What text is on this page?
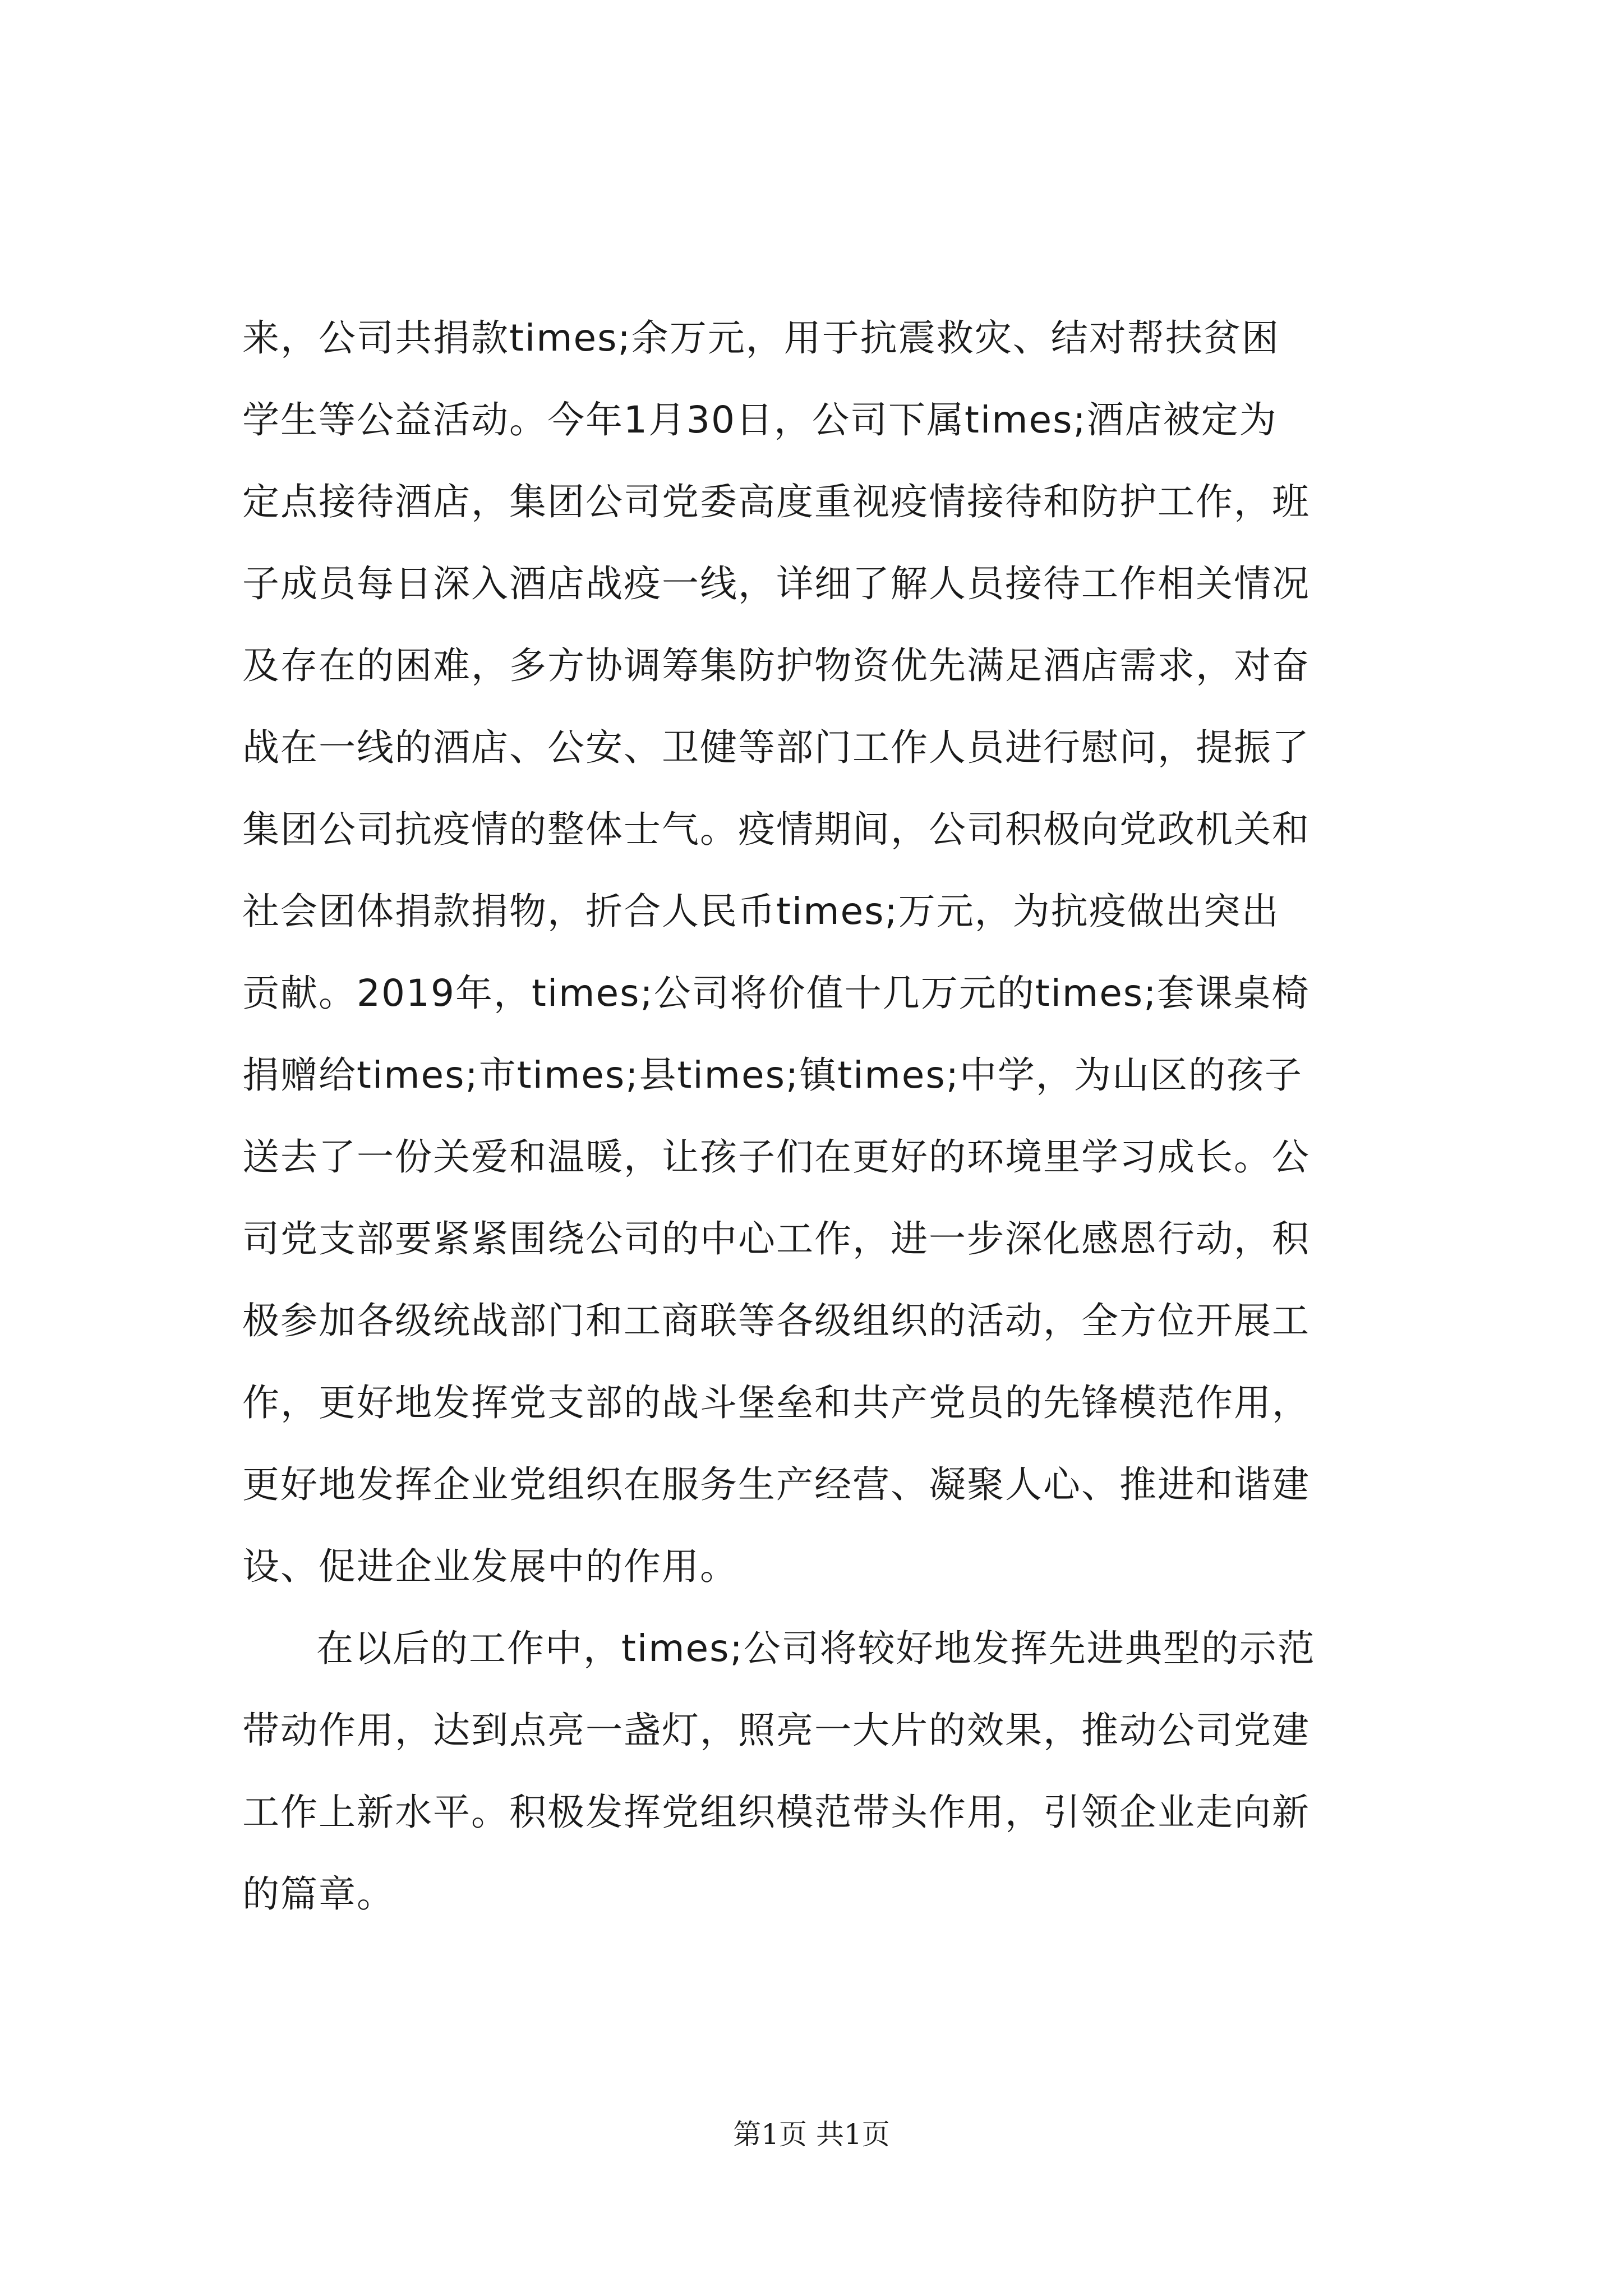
来，公司共捐款times;余万元，用于抗震救灾、结对帮扶贫困
学生等公益活动。今年1月30日，公司下属times;酒店被定为
定点接待酒店，集团公司党委高度重视疫情接待和防护工作，班
子成员每日深入酒店战疫一线，详细了解人员接待工作相关情况
及存在的困难，多方协调筹集防护物资优先满足酒店需求，对奋
战在一线的酒店、公安、卫健等部门工作人员进行慰问，提振了
集团公司抗疫情的整体士气。疫情期间，公司积极向党政机关和
社会团体捐款捐物，折合人民币times;万元，为抗疫做出突出
贡献。2019年，times;公司将价值十几万元的times;套课桌椅
捐赠给times;市times;县times;镇times;中学，为山区的孩子
送去了一份关爱和温暖，让孩子们在更好的环境里学习成长。公
司党支部要紧紧围绕公司的中心工作，进一步深化感恩行动，积
极参加各级统战部门和工商联等各级组织的活动，全方位开展工
作，更好地发挥党支部的战斗堡垒和共产党员的先锋模范作用，
更好地发挥企业党组织在服务生产经营、凝聚人心、推进和谐建
设、促进企业发展中的作用。
在以后的工作中，times;公司将较好地发挥先进典型的示范
带动作用，达到点亮一盏灯，照亮一大片的效果，推动公司党建
工作上新水平。积极发挥党组织模范带头作用，引领企业走向新
的篇章。
第1页 共1页
